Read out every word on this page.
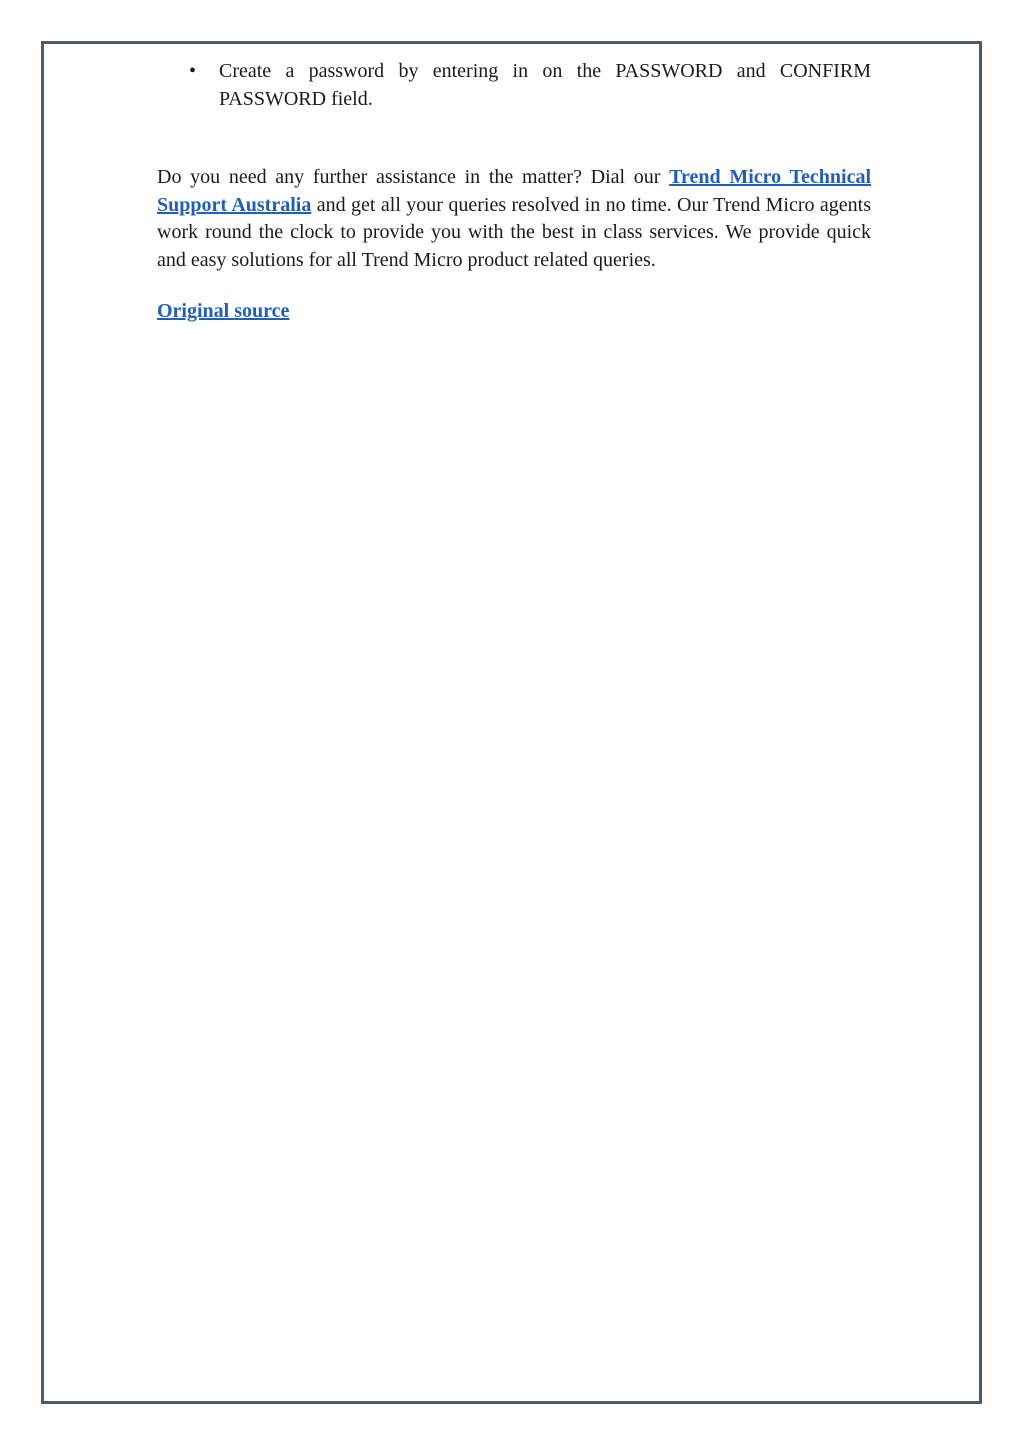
• Create a password by entering in on the PASSWORD and CONFIRM PASSWORD field.

Do you need any further assistance in the matter? Dial our Trend Micro Technical Support Australia and get all your queries resolved in no time. Our Trend Micro agents work round the clock to provide you with the best in class services. We provide quick and easy solutions for all Trend Micro product related queries.

Original source
